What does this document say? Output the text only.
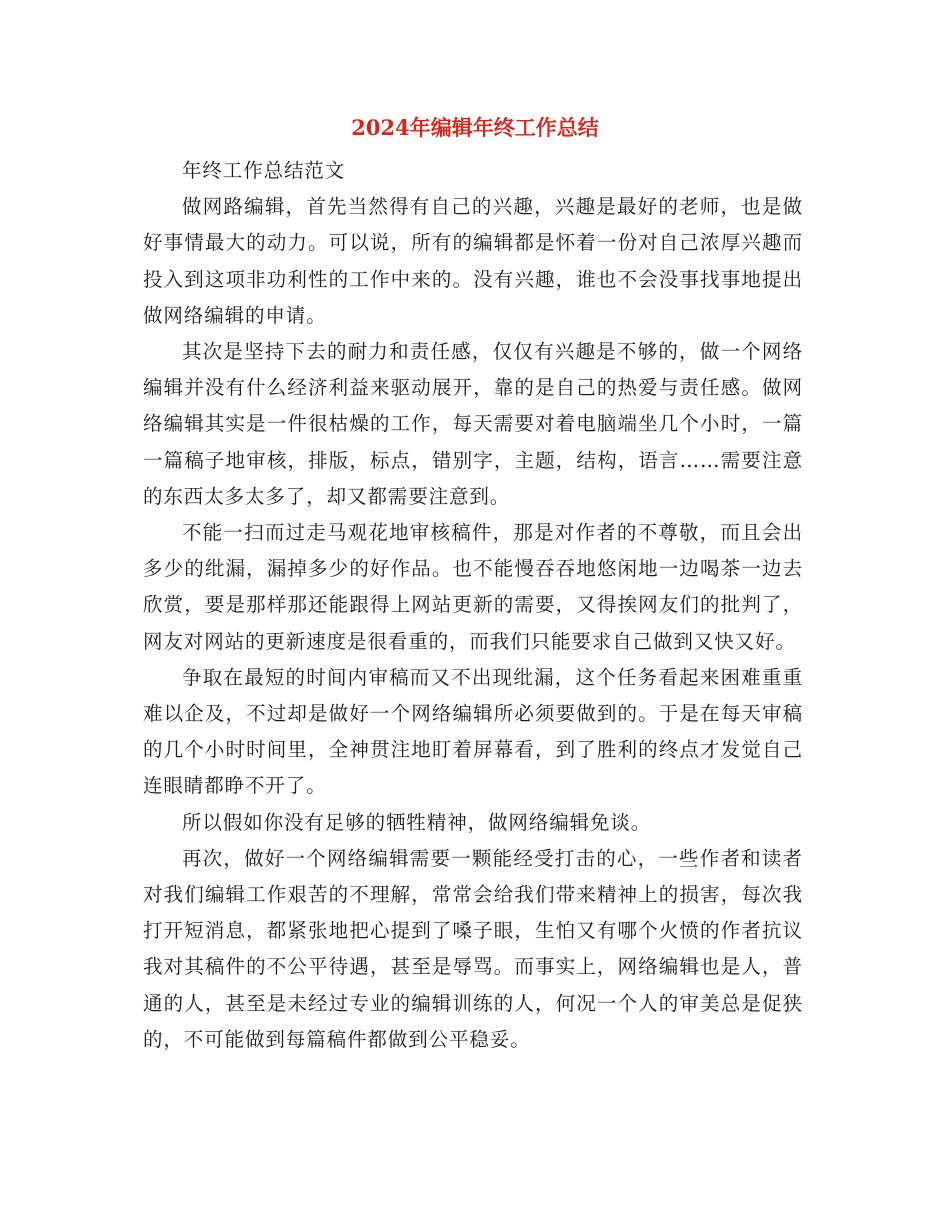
2024年编辑年终工作总结

年终工作总结范文

做网路编辑，首先当然得有自己的兴趣，兴趣是最好的老师，也是做好事情最大的动力。可以说，所有的编辑都是怀着一份对自己浓厚兴趣而投入到这项非功利性的工作中来的。没有兴趣，谁也不会没事找事地提出做网络编辑的申请。

其次是坚持下去的耐力和责任感，仅仅有兴趣是不够的，做一个网络编辑并没有什么经济利益来驱动展开，靠的是自己的热爱与责任感。做网络编辑其实是一件很枯燥的工作，每天需要对着电脑端坐几个小时，一篇一篇稿子地审核，排版，标点，错别字，主题，结构，语言……需要注意的东西太多太多了，却又都需要注意到。

不能一扫而过走马观花地审核稿件，那是对作者的不尊敬，而且会出多少的纰漏，漏掉多少的好作品。也不能慢吞吞地悠闲地一边喝茶一边去欣赏，要是那样那还能跟得上网站更新的需要，又得挨网友们的批判了，网友对网站的更新速度是很看重的，而我们只能要求自己做到又快又好。

争取在最短的时间内审稿而又不出现纰漏，这个任务看起来困难重重难以企及，不过却是做好一个网络编辑所必须要做到的。于是在每天审稿的几个小时时间里，全神贯注地盯着屏幕看，到了胜利的终点才发觉自己连眼睛都睁不开了。

所以假如你没有足够的牺牲精神，做网络编辑免谈。

再次，做好一个网络编辑需要一颗能经受打击的心，一些作者和读者对我们编辑工作艰苦的不理解，常常会给我们带来精神上的损害，每次我打开短消息，都紧张地把心提到了嗓子眼，生怕又有哪个火愤的作者抗议我对其稿件的不公平待遇，甚至是辱骂。而事实上，网络编辑也是人，普通的人，甚至是未经过专业的编辑训练的人，何况一个人的审美总是促狭的，不可能做到每篇稿件都做到公平稳妥。
